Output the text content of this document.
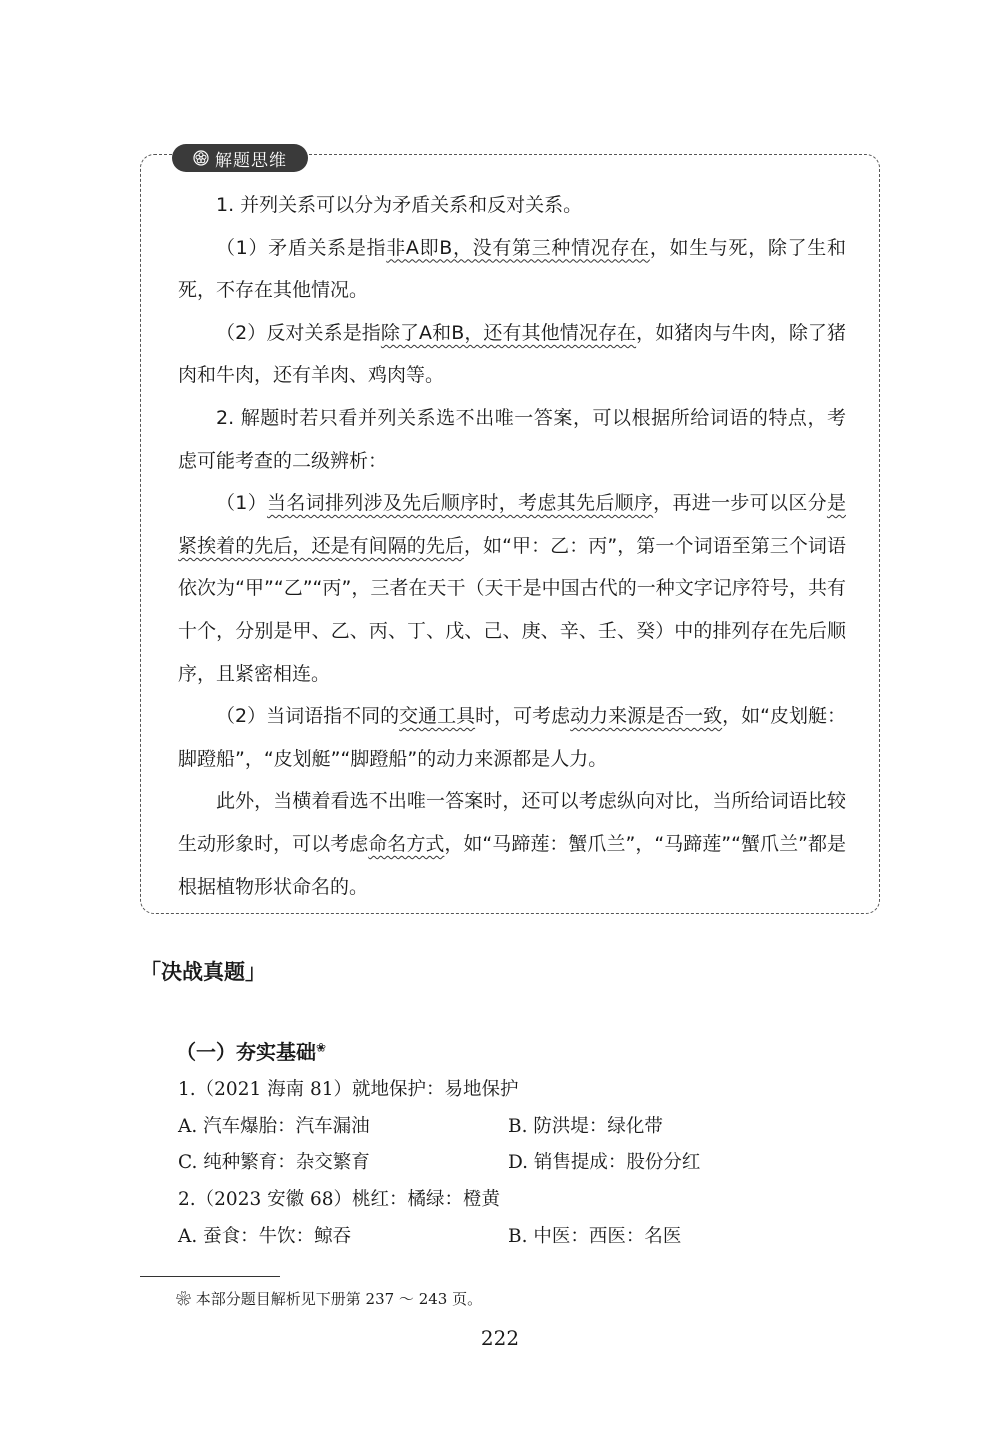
解题思维

1. 并列关系可以分为矛盾关系和反对关系。

（1）矛盾关系是指非A即B，没有第三种情况存在，如生与死，除了生和死，不存在其他情况。

（2）反对关系是指除了A和B，还有其他情况存在，如猪肉与牛肉，除了猪肉和牛肉，还有羊肉、鸡肉等。

2. 解题时若只看并列关系选不出唯一答案，可以根据所给词语的特点，考虑可能考查的二级辨析：

（1）当名词排列涉及先后顺序时，考虑其先后顺序，再进一步可以区分是紧挨着的先后，还是有间隔的先后，如“甲：乙：丙”，第一个词语至第三个词语依次为“甲”“乙”“丙”，三者在天干（天干是中国古代的一种文字记序符号，共有十个，分别是甲、乙、丙、丁、戊、己、庚、辛、壬、癸）中的排列存在先后顺序，且紧密相连。

（2）当词语指不同的交通工具时，可考虑动力来源是否一致，如“皮划艇：脚蹬船”，“皮划艇”“脚蹬船”的动力来源都是人力。

此外，当横着看选不出唯一答案时，还可以考虑纵向对比，当所给词语比较生动形象时，可以考虑命名方式，如“马蹄莲：蟹爪兰”，“马蹄莲”“蟹爪兰”都是根据植物形状命名的。

「决战真题」
（一）夯实基础❀
1.（2021 海南 81）就地保护：易地保护
A. 汽车爆胎：汽车漏油	B. 防洪堤：绿化带
C. 纯种繁育：杂交繁育	D. 销售提成：股份分红
2.（2023 安徽 68）桃红：橘绿：橙黄
A. 蚕食：牛饮：鲸吞	B. 中医：西医：名医
❀ 本部分题目解析见下册第 237 ～ 243 页。
222
